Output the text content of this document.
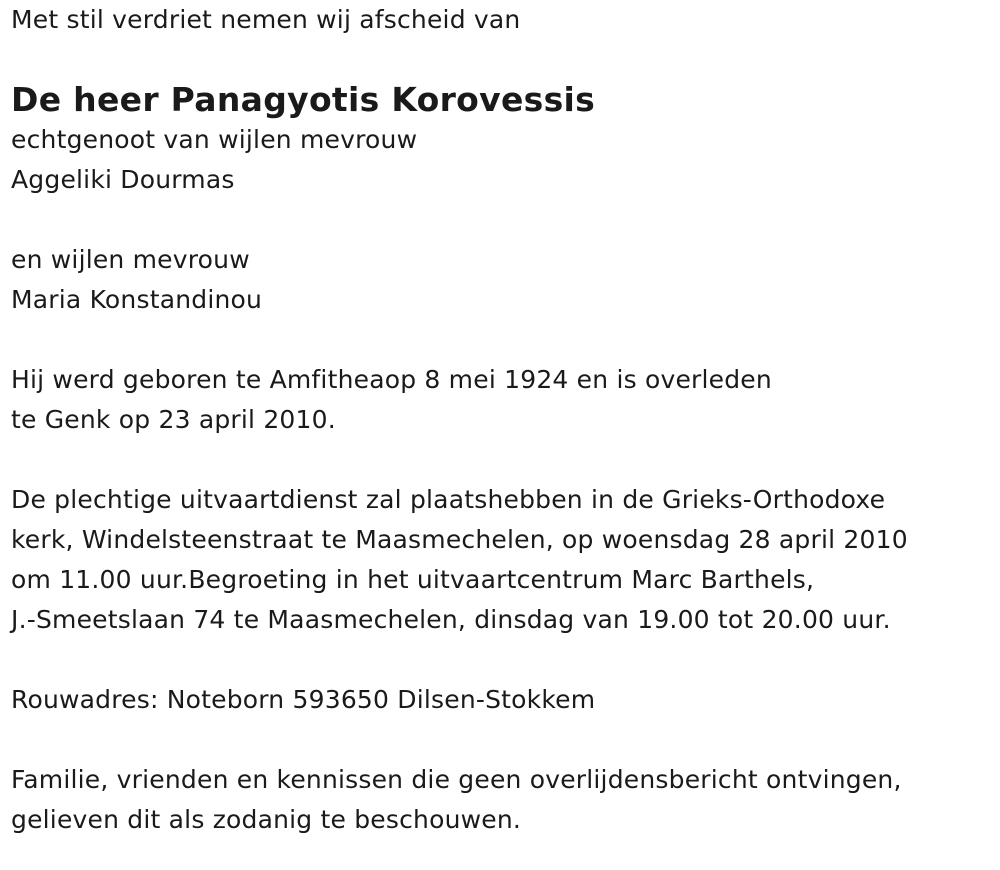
Met stil verdriet nemen wij afscheid van
De heer Panagyotis Korovessis
echtgenoot van wijlen mevrouw
Aggeliki Dourmas
en wijlen mevrouw
Maria Konstandinou
Hij werd geboren te Amfitheaop 8 mei 1924 en is overleden
te Genk op 23 april 2010.
De plechtige uitvaartdienst zal plaatshebben in de Grieks-Orthodoxe
kerk, Windelsteenstraat te Maasmechelen, op woensdag 28 april 2010
om 11.00 uur.Begroeting in het uitvaartcentrum Marc Barthels,
J.-Smeetslaan 74 te Maasmechelen, dinsdag van 19.00 tot 20.00 uur.
Rouwadres: Noteborn 593650 Dilsen-Stokkem
Familie, vrienden en kennissen die geen overlijdensbericht ontvingen,
gelieven dit als zodanig te beschouwen.
